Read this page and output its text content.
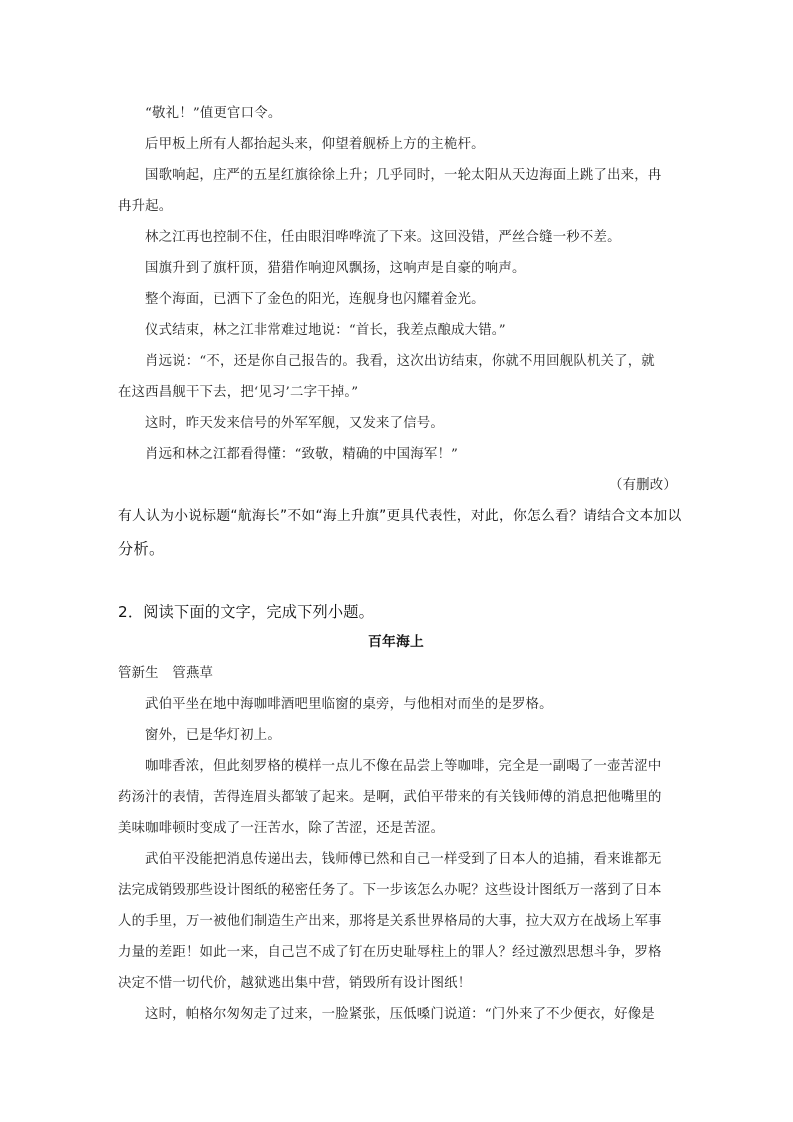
“敬礼！”值更官口令。
后甲板上所有人都抬起头来，仰望着舰桥上方的主桅杆。
国歌响起，庄严的五星红旗徐徐上升；几乎同时，一轮太阳从天边海面上跳了出来，冉
冉升起。
林之江再也控制不住，任由眼泪哗哗流了下来。这回没错，严丝合缝一秒不差。
国旗升到了旗杆顶，猎猎作响迎风飘扬，这响声是自豪的响声。
整个海面，已洒下了金色的阳光，连舰身也闪耀着金光。
仪式结束，林之江非常难过地说：“首长，我差点酿成大错。”
肖远说：“不，还是你自己报告的。我看，这次出访结束，你就不用回舰队机关了，就
在这西昌舰干下去，把‘见习’二字干掉。”
这时，昨天发来信号的外军军舰，又发来了信号。
肖远和林之江都看得懂：“致敬，精确的中国海军！”
（有删改）
有人认为小说标题“航海长”不如“海上升旗”更具代表性，对此，你怎么看？请结合文本加以
分析。
2．阅读下面的文字，完成下列小题。
百年海上
管新生　管燕草
武伯平坐在地中海咖啡酒吧里临窗的桌旁，与他相对而坐的是罗格。
窗外，已是华灯初上。
咖啡香浓，但此刻罗格的模样一点儿不像在品尝上等咖啡，完全是一副喝了一壶苦涩中
药汤汁的表情，苦得连眉头都皱了起来。是啊，武伯平带来的有关钱师傅的消息把他嘴里的
美味咖啡顿时变成了一汪苦水，除了苦涩，还是苦涩。
武伯平没能把消息传递出去，钱师傅已然和自己一样受到了日本人的追捕，看来谁都无
法完成销毁那些设计图纸的秘密任务了。下一步该怎么办呢？这些设计图纸万一落到了日本
人的手里，万一被他们制造生产出来，那将是关系世界格局的大事，拉大双方在战场上军事
力量的差距！如此一来，自己岂不成了钉在历史耻辱柱上的罪人？经过激烈思想斗争，罗格
决定不惜一切代价，越狱逃出集中营，销毁所有设计图纸！
这时，帕格尔匆匆走了过来，一脸紧张，压低嗓门说道：“门外来了不少便衣，好像是
